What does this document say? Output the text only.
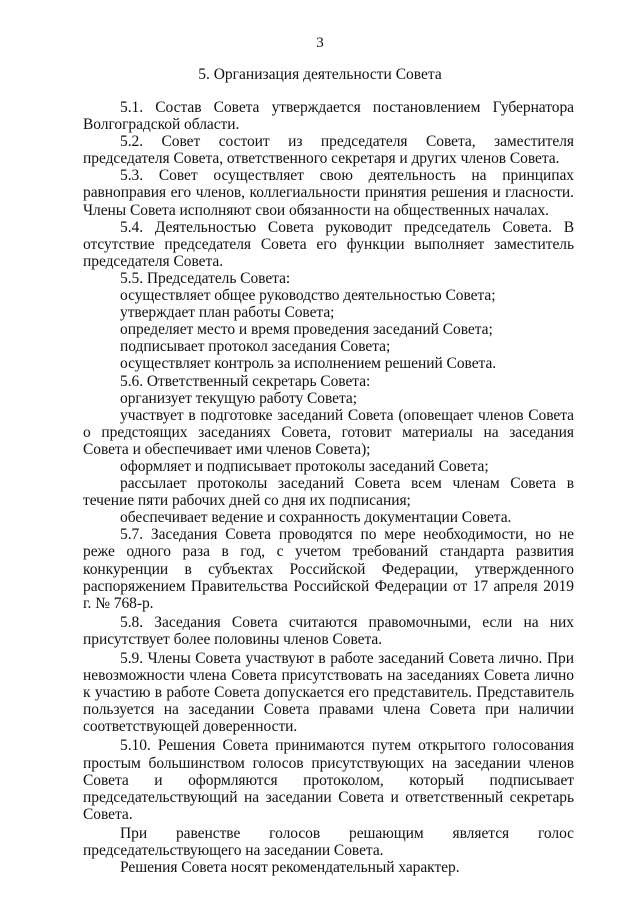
3
5. Организация деятельности Совета

5.1. Состав Совета утверждается постановлением Губернатора Волгоградской области.

5.2. Совет состоит из председателя Совета, заместителя председателя Совета, ответственного секретаря и других членов Совета.

5.3. Совет осуществляет свою деятельность на принципах равноправия его членов, коллегиальности принятия решения и гласности. Члены Совета исполняют свои обязанности на общественных началах.

5.4. Деятельностью Совета руководит председатель Совета. В отсутствие председателя Совета его функции выполняет заместитель председателя Совета.

5.5. Председатель Совета:

осуществляет общее руководство деятельностью Совета;

утверждает план работы Совета;

определяет место и время проведения заседаний Совета;

подписывает протокол заседания Совета;

осуществляет контроль за исполнением решений Совета.

5.6. Ответственный секретарь Совета:

организует текущую работу Совета;

участвует в подготовке заседаний Совета (оповещает членов Совета о предстоящих заседаниях Совета, готовит материалы на заседания Совета и обеспечивает ими членов Совета);

оформляет и подписывает протоколы заседаний Совета;

рассылает протоколы заседаний Совета всем членам Совета в течение пяти рабочих дней со дня их подписания;

обеспечивает ведение и сохранность документации Совета.

5.7. Заседания Совета проводятся по мере необходимости, но не реже одного раза в год, с учетом требований стандарта развития конкуренции в субъектах Российской Федерации, утвержденного распоряжением Правительства Российской Федерации от 17 апреля 2019 г. № 768-р.

5.8. Заседания Совета считаются правомочными, если на них присутствует более половины членов Совета.

5.9. Члены Совета участвуют в работе заседаний Совета лично. При невозможности члена Совета присутствовать на заседаниях Совета лично к участию в работе Совета допускается его представитель. Представитель пользуется на заседании Совета правами члена Совета при наличии соответствующей доверенности.

5.10. Решения Совета принимаются путем открытого голосования простым большинством голосов присутствующих на заседании членов Совета и оформляются протоколом, который подписывает председательствующий на заседании Совета и ответственный секретарь Совета.

При равенстве голосов решающим является голос председательствующего на заседании Совета.

Решения Совета носят рекомендательный характер.
